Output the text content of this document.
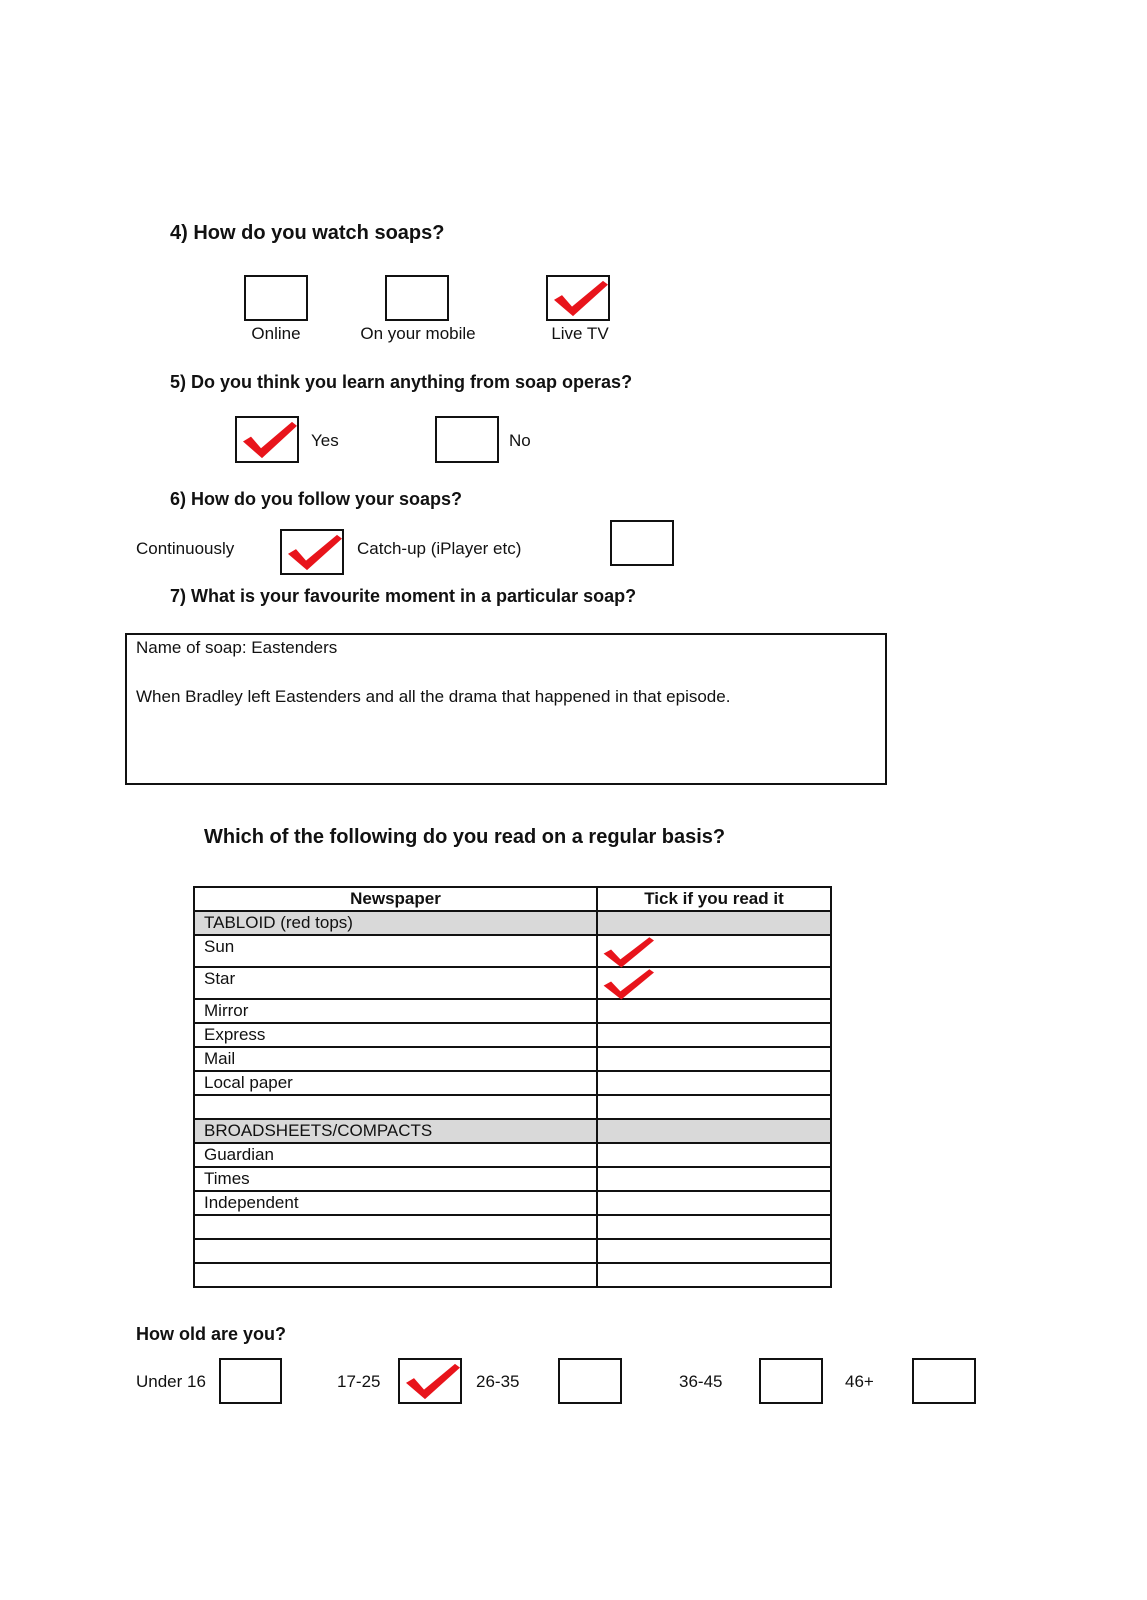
4) How do you watch soaps?
Online	On your mobile	Live TV
5) Do you think you learn anything from soap operas?
Yes	No
6) How do you follow your soaps?
Continuously	Catch-up (iPlayer etc)
7) What is your favourite moment in a particular soap?
Name of soap: Eastenders
When Bradley left Eastenders and all the drama that happened in that episode.
Which of the following do you read on a regular basis?
Newspaper	Tick if you read it
TABLOID (red tops)	
Sun	

Star	

Mirror	
Express	
Mail	
Local paper	

BROADSHEETS/COMPACTS	
Guardian	
Times	
Independent	

How old are you?
Under 16	17-25	26-35	36-45	46+
